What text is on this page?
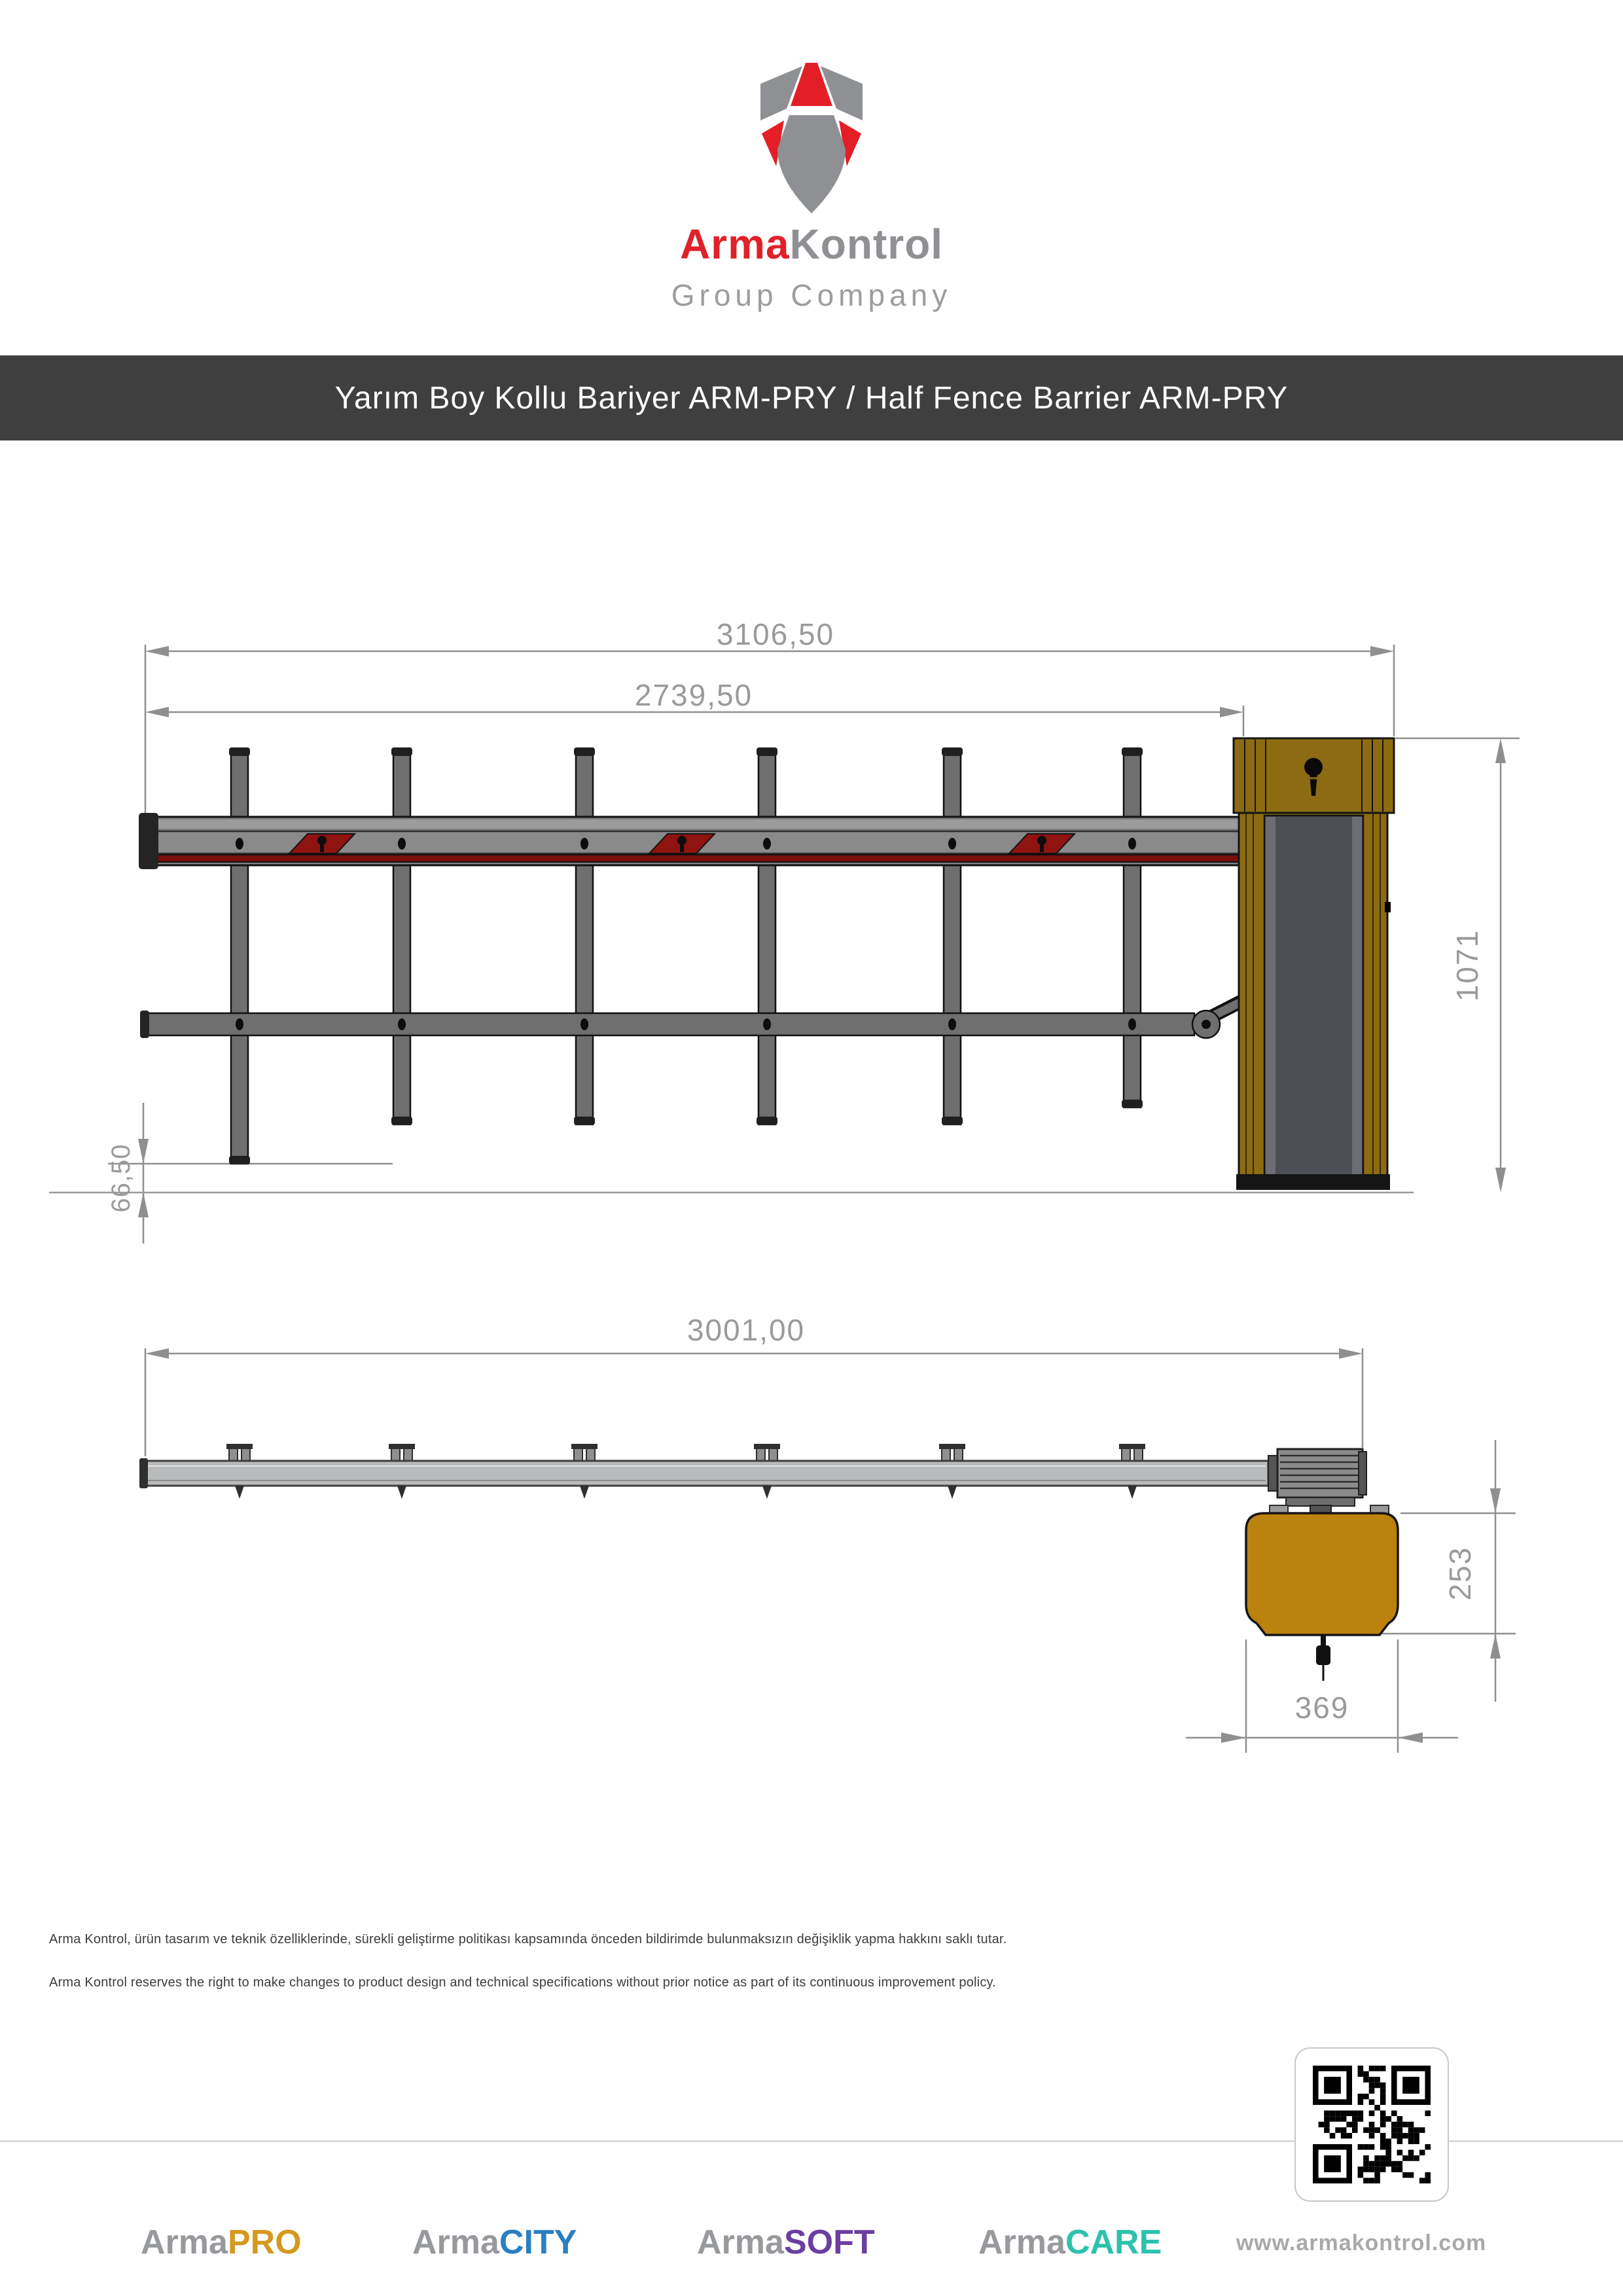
ArmaKontrol
Group Company
Yarım Boy Kollu Bariyer ARM-PRY / Half Fence Barrier ARM-PRY
3106,50
2739,50
1071
66,50
3001,00
253
369
Arma Kontrol, ürün tasarım ve teknik özelliklerinde, sürekli geliştirme politikası kapsamında önceden bildirimde bulunmaksızın değişiklik yapma hakkını saklı tutar.
Arma Kontrol reserves the right to make changes to product design and technical specifications without prior notice as part of its continuous improvement policy.
www.armakontrol.com
ArmaPRO	ArmaCITY	ArmaSOFT	ArmaCARE
